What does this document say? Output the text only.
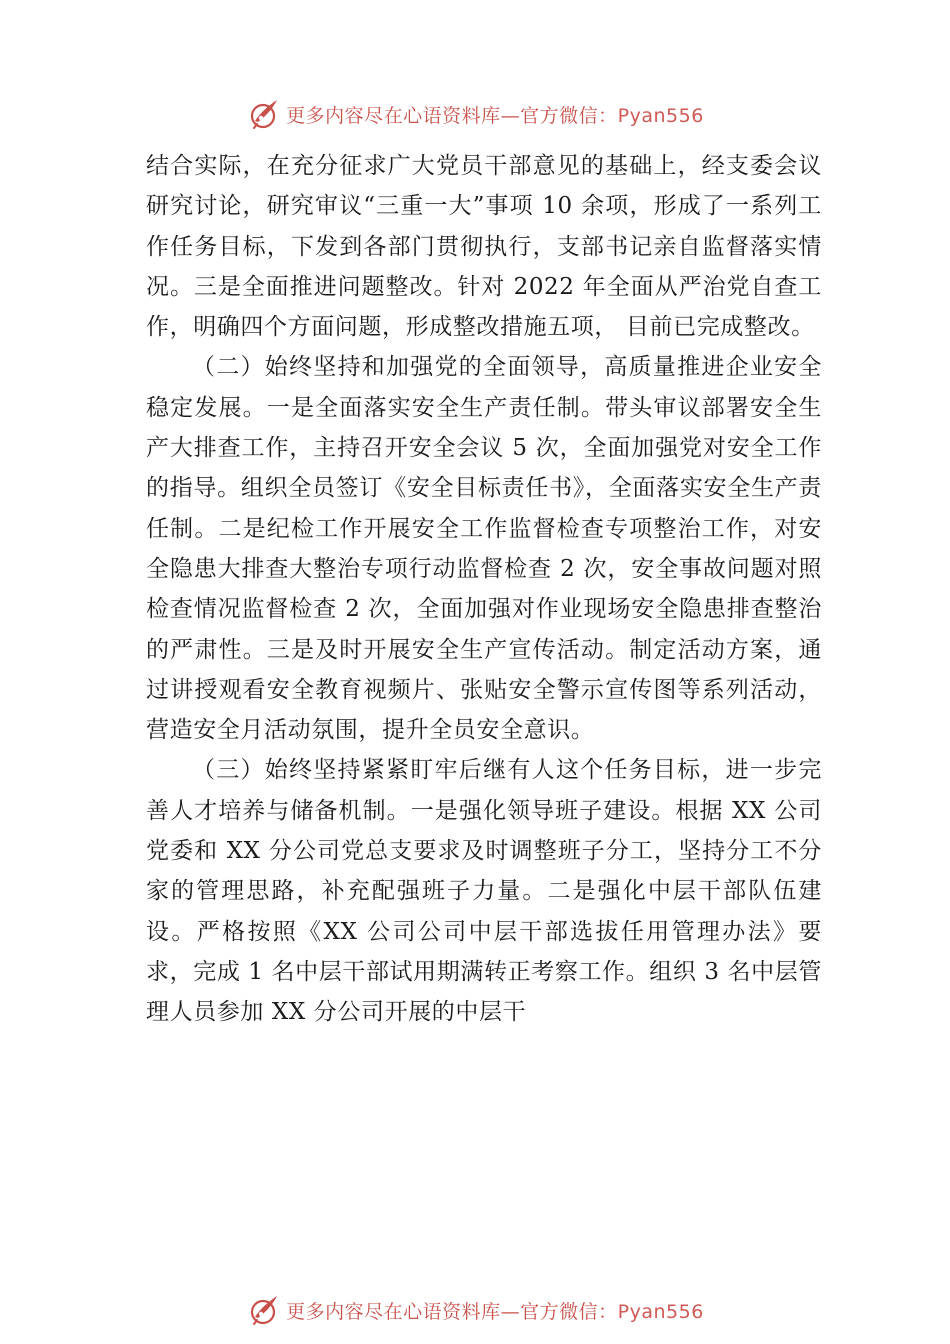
更多内容尽在心语资料库—官方微信：Pyan556

结合实际，在充分征求广大党员干部意见的基础上，经支委会议研究讨论，研究审议“三重一大”事项 10 余项，形成了一系列工作任务目标，下发到各部门贯彻执行，支部书记亲自监督落实情况。三是全面推进问题整改。针对 2022 年全面从严治党自查工作，明确四个方面问题，形成整改措施五项， 目前已完成整改。

（二）始终坚持和加强党的全面领导，高质量推进企业安全稳定发展。一是全面落实安全生产责任制。带头审议部署安全生产大排查工作，主持召开安全会议 5 次，全面加强党对安全工作的指导。组织全员签订《安全目标责任书》，全面落实安全生产责任制。二是纪检工作开展安全工作监督检查专项整治工作，对安全隐患大排查大整治专项行动监督检查 2 次，安全事故问题对照检查情况监督检查 2 次，全面加强对作业现场安全隐患排查整治的严肃性。三是及时开展安全生产宣传活动。制定活动方案，通过讲授观看安全教育视频片、张贴安全警示宣传图等系列活动，营造安全月活动氛围，提升全员安全意识。

（三）始终坚持紧紧盯牢后继有人这个任务目标，进一步完善人才培养与储备机制。一是强化领导班子建设。根据 XX 公司党委和 XX 分公司党总支要求及时调整班子分工，坚持分工不分家的管理思路，补充配强班子力量。二是强化中层干部队伍建设。严格按照《XX 公司公司中层干部选拔任用管理办法》要求，完成 1 名中层干部试用期满转正考察工作。组织 3 名中层管理人员参加 XX 分公司开展的中层干

更多内容尽在心语资料库—官方微信：Pyan556
